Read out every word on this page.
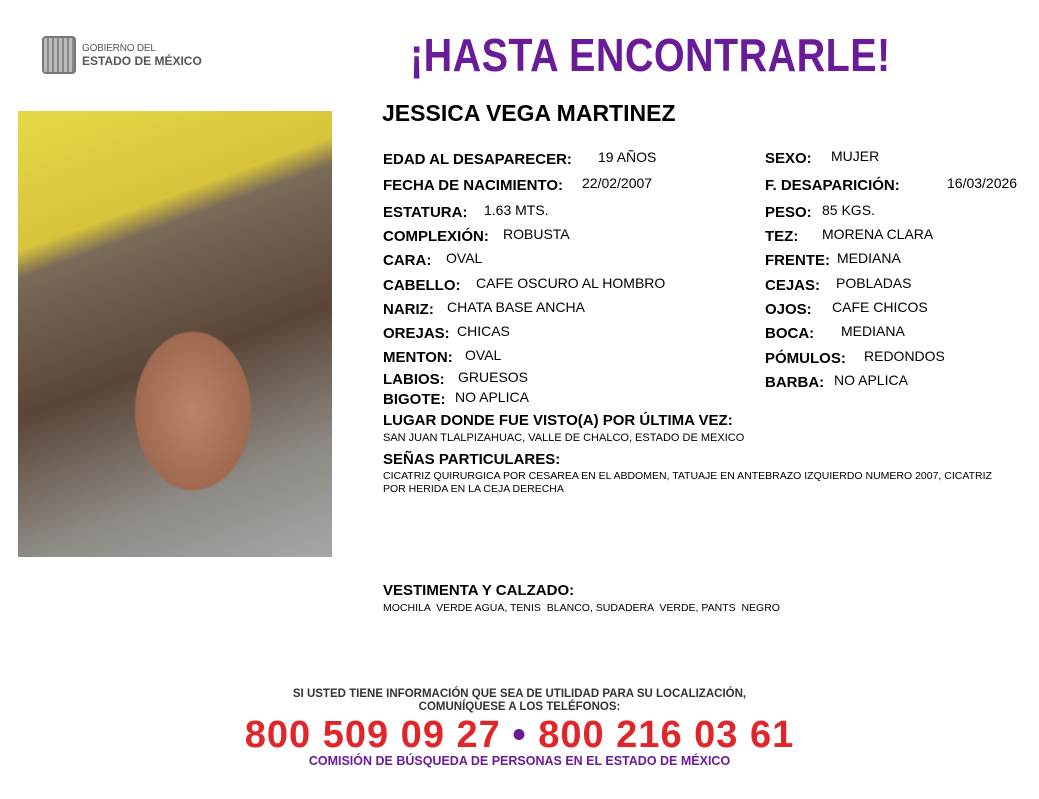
GOBIERNO DEL
ESTADO DE MÉXICO	¡HASTA ENCONTRARLE!
JESSICA VEGA MARTINEZ
EDAD AL DESAPARECER: 19 AÑOS
FECHA DE NACIMIENTO: 22/02/2007
ESTATURA: 1.63 MTS.
COMPLEXIÓN: ROBUSTA
CARA: OVAL
CABELLO: CAFE OSCURO AL HOMBRO
NARIZ: CHATA BASE ANCHA
OREJAS: CHICAS
MENTON: OVAL
LABIOS: GRUESOS
BIGOTE: NO APLICA
SEXO: MUJER
F. DESAPARICIÓN:	16/03/2026
PESO: 85 KGS.
TEZ: MORENA CLARA
FRENTE: MEDIANA
CEJAS: POBLADAS
OJOS: CAFE CHICOS
BOCA: MEDIANA
PÓMULOS: REDONDOS
BARBA: NO APLICA
LUGAR DONDE FUE VISTO(A) POR ÚLTIMA VEZ:
SAN JUAN TLALPIZAHUAC, VALLE DE CHALCO, ESTADO DE MEXICO
SEÑAS PARTICULARES:
CICATRIZ QUIRURGICA POR CESAREA EN EL ABDOMEN, TATUAJE EN ANTEBRAZO IZQUIERDO NUMERO 2007, CICATRIZ POR HERIDA EN LA CEJA DERECHA
VESTIMENTA Y CALZADO:
MOCHILA  VERDE AGUA, TENIS  BLANCO, SUDADERA  VERDE, PANTS  NEGRO
SI USTED TIENE INFORMACIÓN QUE SEA DE UTILIDAD PARA SU LOCALIZACIÓN,
COMUNÍQUESE A LOS TELÉFONOS:
800 509 09 27 • 800 216 03 61
COMISIÓN DE BÚSQUEDA DE PERSONAS EN EL ESTADO DE MÉXICO
